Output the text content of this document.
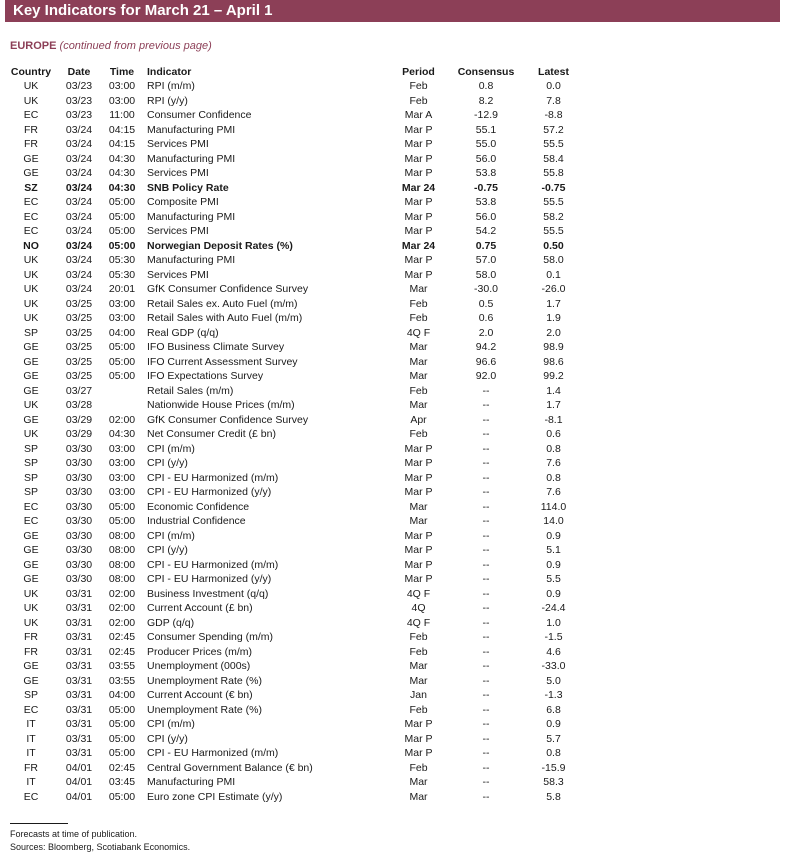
Key Indicators for March 21 – April 1
EUROPE (continued from previous page)
Country	Date	Time	Indicator	Period	Consensus	Latest
UK	03/23	03:00	RPI (m/m)	Feb	0.8	0.0
UK	03/23	03:00	RPI (y/y)	Feb	8.2	7.8
EC	03/23	11:00	Consumer Confidence	Mar A	-12.9	-8.8
FR	03/24	04:15	Manufacturing PMI	Mar P	55.1	57.2
FR	03/24	04:15	Services PMI	Mar P	55.0	55.5
GE	03/24	04:30	Manufacturing PMI	Mar P	56.0	58.4
GE	03/24	04:30	Services PMI	Mar P	53.8	55.8
SZ	03/24	04:30	SNB Policy Rate	Mar 24	-0.75	-0.75
EC	03/24	05:00	Composite PMI	Mar P	53.8	55.5
EC	03/24	05:00	Manufacturing PMI	Mar P	56.0	58.2
EC	03/24	05:00	Services PMI	Mar P	54.2	55.5
NO	03/24	05:00	Norwegian Deposit Rates (%)	Mar 24	0.75	0.50
UK	03/24	05:30	Manufacturing PMI	Mar P	57.0	58.0
UK	03/24	05:30	Services PMI	Mar P	58.0	0.1
UK	03/24	20:01	GfK Consumer Confidence Survey	Mar	-30.0	-26.0
UK	03/25	03:00	Retail Sales ex. Auto Fuel (m/m)	Feb	0.5	1.7
UK	03/25	03:00	Retail Sales with Auto Fuel (m/m)	Feb	0.6	1.9
SP	03/25	04:00	Real GDP (q/q)	4Q F	2.0	2.0
GE	03/25	05:00	IFO Business Climate Survey	Mar	94.2	98.9
GE	03/25	05:00	IFO Current Assessment Survey	Mar	96.6	98.6
GE	03/25	05:00	IFO Expectations Survey	Mar	92.0	99.2
GE	03/27		Retail Sales (m/m)	Feb	--	1.4
UK	03/28		Nationwide House Prices (m/m)	Mar	--	1.7
GE	03/29	02:00	GfK Consumer Confidence Survey	Apr	--	-8.1
UK	03/29	04:30	Net Consumer Credit (£ bn)	Feb	--	0.6
SP	03/30	03:00	CPI (m/m)	Mar P	--	0.8
SP	03/30	03:00	CPI (y/y)	Mar P	--	7.6
SP	03/30	03:00	CPI - EU Harmonized (m/m)	Mar P	--	0.8
SP	03/30	03:00	CPI - EU Harmonized (y/y)	Mar P	--	7.6
EC	03/30	05:00	Economic Confidence	Mar	--	114.0
EC	03/30	05:00	Industrial Confidence	Mar	--	14.0
GE	03/30	08:00	CPI (m/m)	Mar P	--	0.9
GE	03/30	08:00	CPI (y/y)	Mar P	--	5.1
GE	03/30	08:00	CPI - EU Harmonized (m/m)	Mar P	--	0.9
GE	03/30	08:00	CPI - EU Harmonized (y/y)	Mar P	--	5.5
UK	03/31	02:00	Business Investment (q/q)	4Q F	--	0.9
UK	03/31	02:00	Current Account (£ bn)	4Q	--	-24.4
UK	03/31	02:00	GDP (q/q)	4Q F	--	1.0
FR	03/31	02:45	Consumer Spending (m/m)	Feb	--	-1.5
FR	03/31	02:45	Producer Prices (m/m)	Feb	--	4.6
GE	03/31	03:55	Unemployment (000s)	Mar	--	-33.0
GE	03/31	03:55	Unemployment Rate (%)	Mar	--	5.0
SP	03/31	04:00	Current Account (€ bn)	Jan	--	-1.3
EC	03/31	05:00	Unemployment Rate (%)	Feb	--	6.8
IT	03/31	05:00	CPI (m/m)	Mar P	--	0.9
IT	03/31	05:00	CPI (y/y)	Mar P	--	5.7
IT	03/31	05:00	CPI - EU Harmonized (m/m)	Mar P	--	0.8
FR	04/01	02:45	Central Government Balance (€ bn)	Feb	--	-15.9
IT	04/01	03:45	Manufacturing PMI	Mar	--	58.3
EC	04/01	05:00	Euro zone CPI Estimate (y/y)	Mar	--	5.8
Forecasts at time of publication.
Sources: Bloomberg, Scotiabank Economics.
